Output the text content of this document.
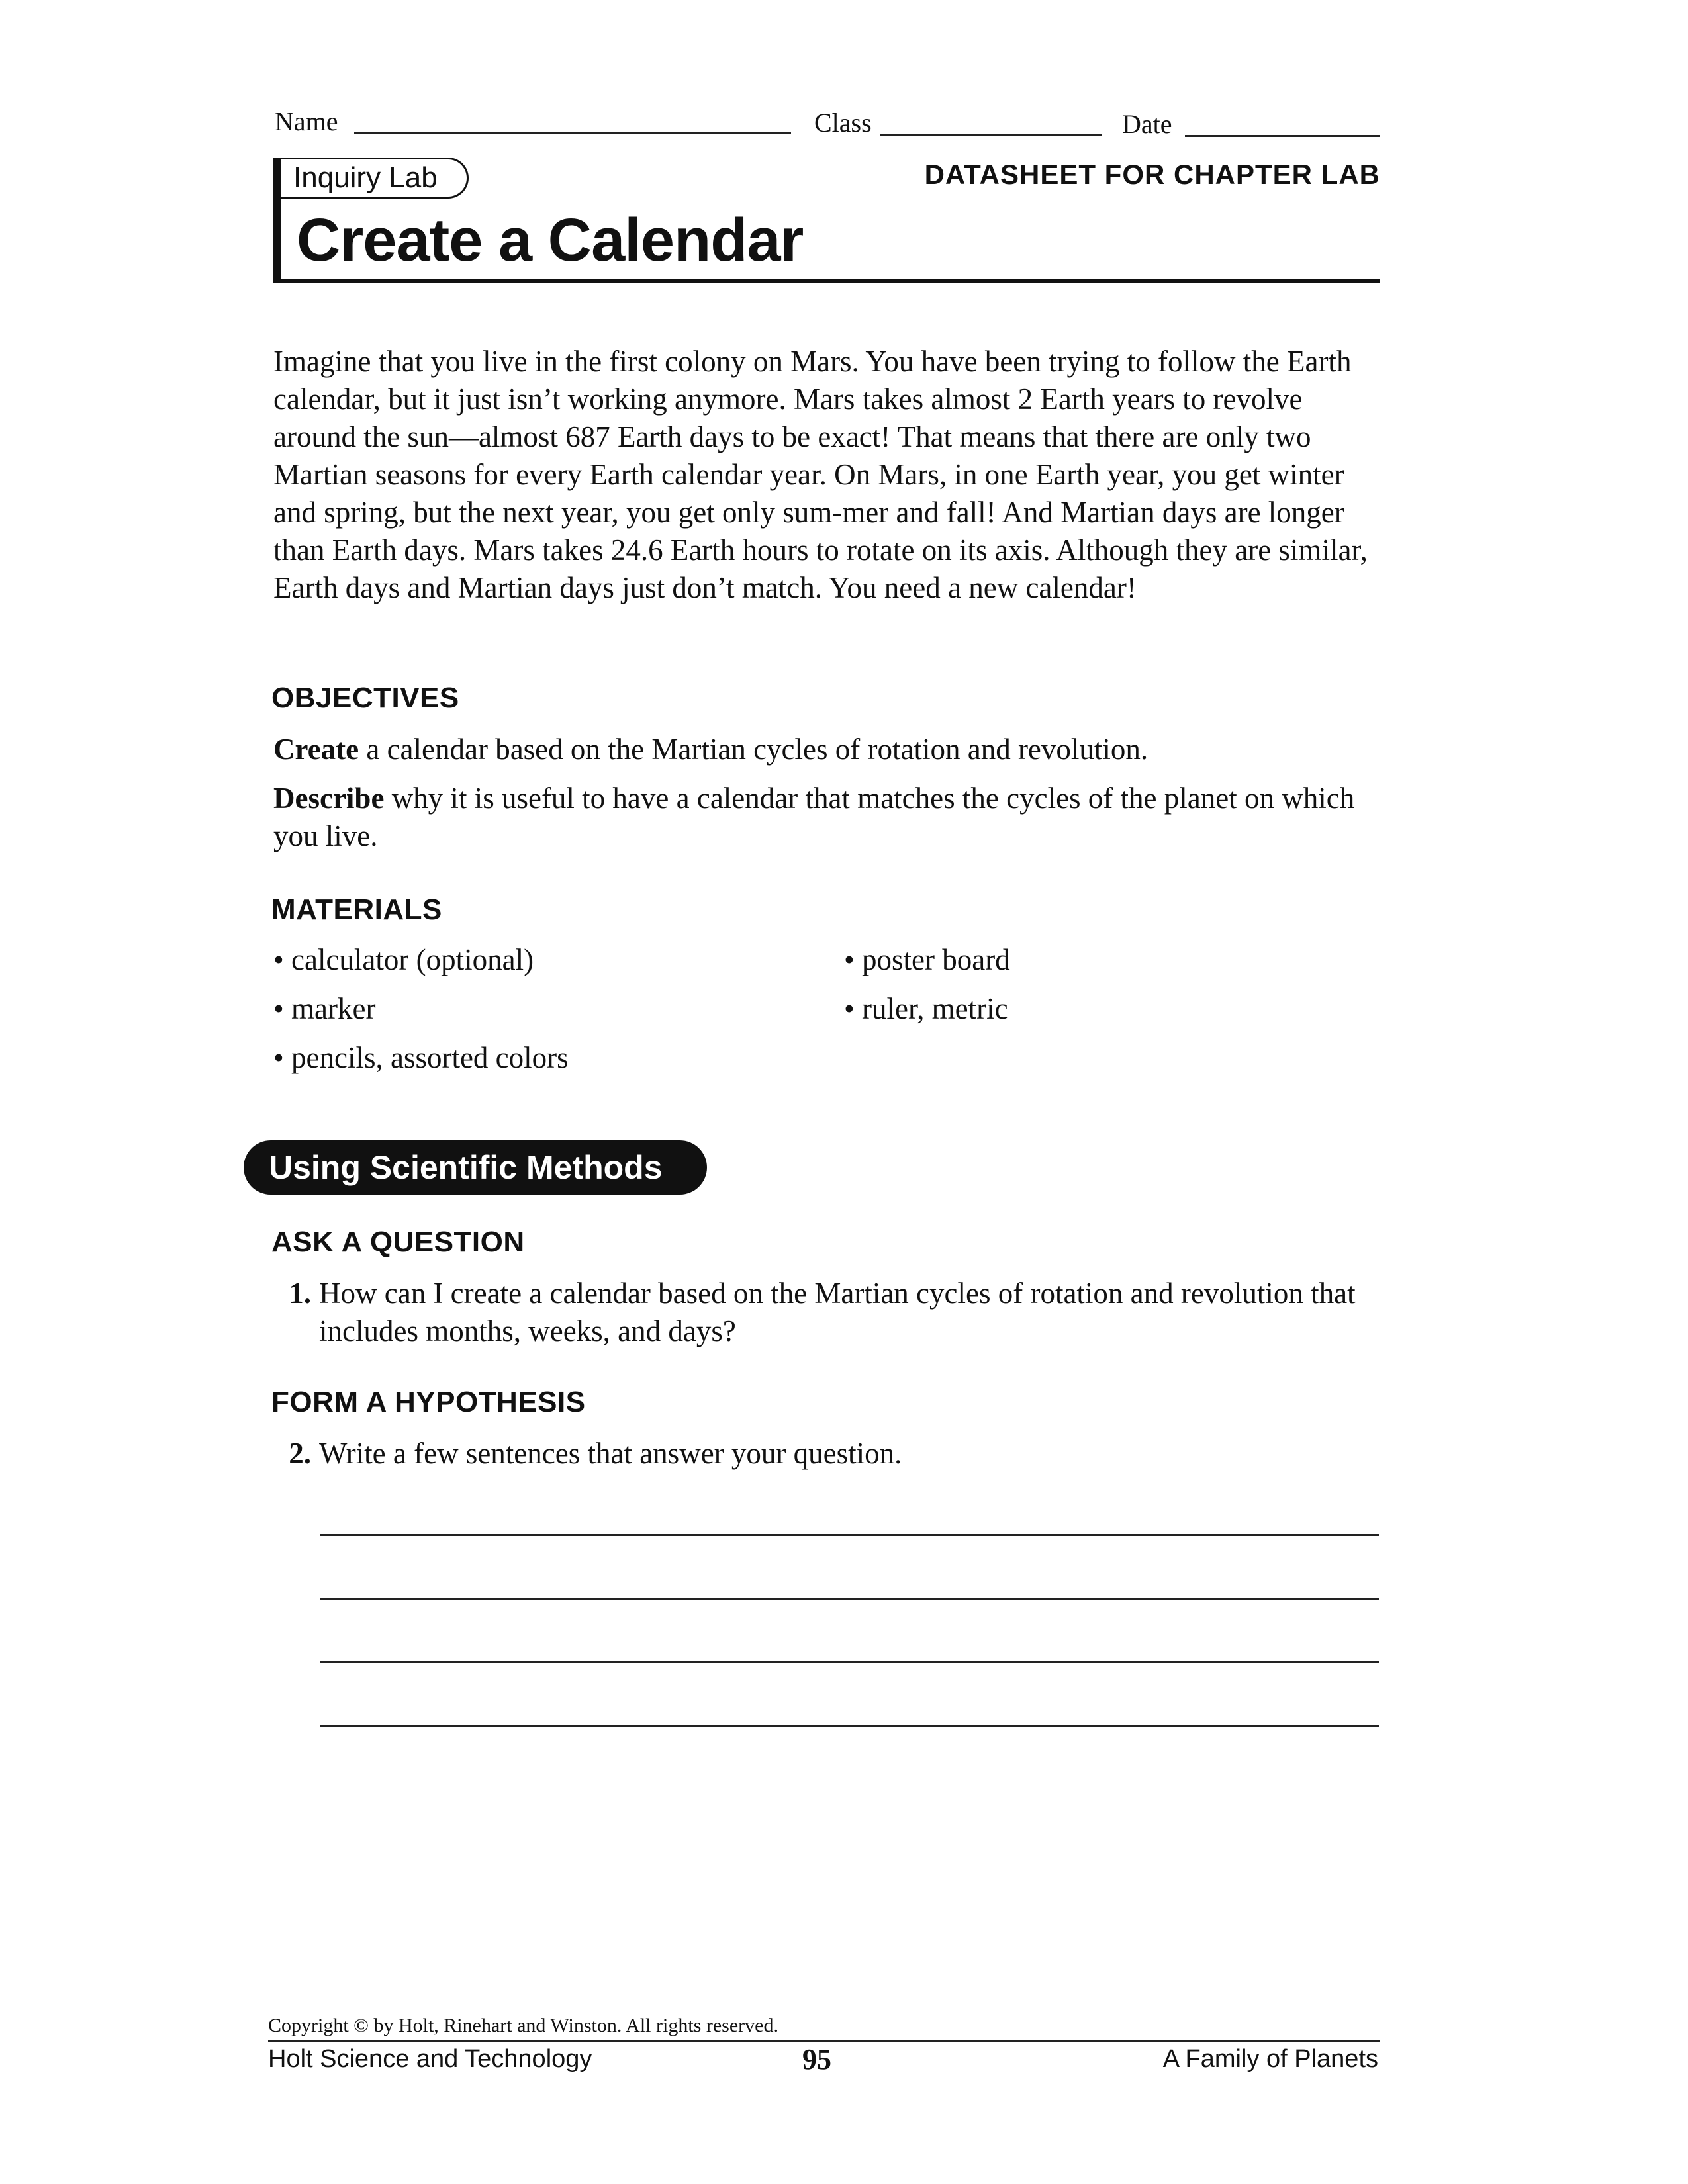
Name	Class	Date
Inquiry Lab
Create a Calendar
DATASHEET FOR CHAPTER LAB
Imagine that you live in the first colony on Mars. You have been trying to follow the Earth calendar, but it just isn’t working anymore. Mars takes almost 2 Earth years to revolve around the sun—almost 687 Earth days to be exact! That means that there are only two Martian seasons for every Earth calendar year. On Mars, in one Earth year, you get winter and spring, but the next year, you get only sum-mer and fall! And Martian days are longer than Earth days. Mars takes 24.6 Earth hours to rotate on its axis. Although they are similar, Earth days and Martian days just don’t match. You need a new calendar!
OBJECTIVES
Create a calendar based on the Martian cycles of rotation and revolution.
Describe why it is useful to have a calendar that matches the cycles of the planet on which you live.
MATERIALS
• calculator (optional)
• marker
• pencils, assorted colors
• poster board
• ruler, metric
Using Scientific Methods
ASK A QUESTION
1. How can I create a calendar based on the Martian cycles of rotation and revolution that includes months, weeks, and days?
FORM A HYPOTHESIS
2. Write a few sentences that answer your question.
Copyright © by Holt, Rinehart and Winston. All rights reserved.
Holt Science and Technology	95	A Family of Planets
